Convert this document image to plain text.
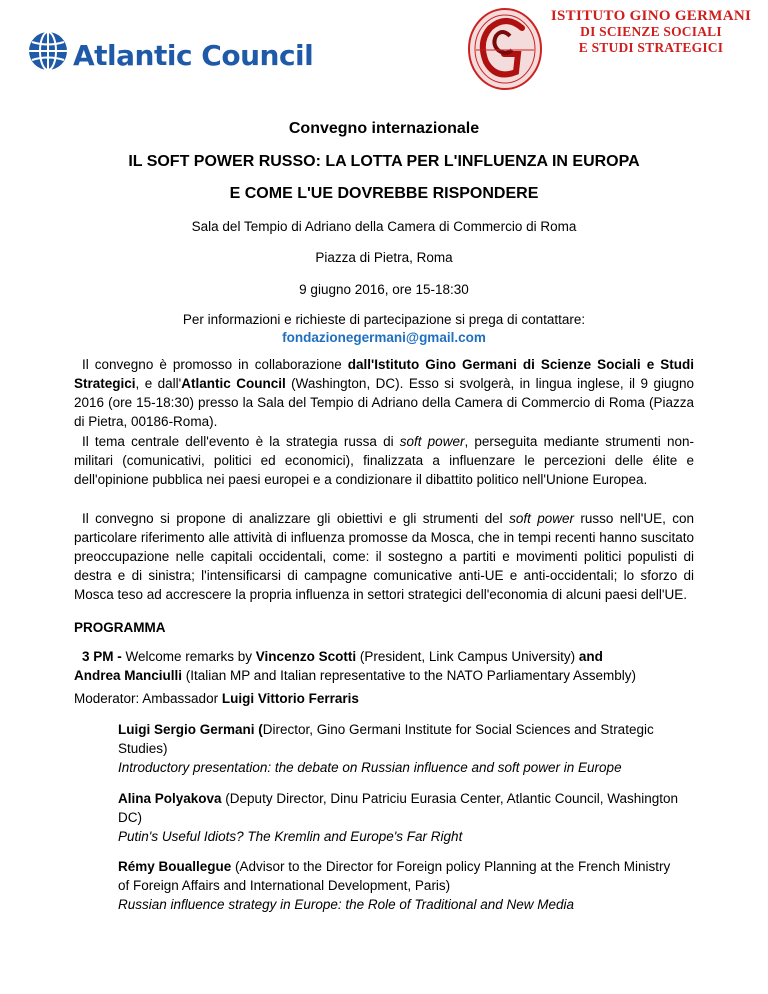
Atlantic Council
ISTITUTO GINO GERMANI
DI SCIENZE SOCIALI
E STUDI STRATEGICI
Convegno internazionale
IL SOFT POWER RUSSO: LA LOTTA PER L'INFLUENZA IN EUROPA
E COME L'UE DOVREBBE RISPONDERE
Sala del Tempio di Adriano della Camera di Commercio di Roma
Piazza di Pietra, Roma
9 giugno 2016, ore 15-18:30
Per informazioni e richieste di partecipazione si prega di contattare:
fondazionegermani@gmail.com
Il convegno è promosso in collaborazione dall'Istituto Gino Germani di Scienze Sociali e Studi Strategici, e dall'Atlantic Council (Washington, DC). Esso si svolgerà, in lingua inglese, il 9 giugno 2016 (ore 15-18:30) presso la Sala del Tempio di Adriano della Camera di Commercio di Roma (Piazza di Pietra, 00186-Roma).
Il tema centrale dell'evento è la strategia russa di soft power, perseguita mediante strumenti non-militari (comunicativi, politici ed economici), finalizzata a influenzare le percezioni delle élite e dell'opinione pubblica nei paesi europei e a condizionare il dibattito politico nell'Unione Europea.
Il convegno si propone di analizzare gli obiettivi e gli strumenti del soft power russo nell'UE, con particolare riferimento alle attività di influenza promosse da Mosca, che in tempi recenti hanno suscitato preoccupazione nelle capitali occidentali, come: il sostegno a partiti e movimenti politici populisti di destra e di sinistra; l'intensificarsi di campagne comunicative anti-UE e anti-occidentali; lo sforzo di Mosca teso ad accrescere la propria influenza in settori strategici dell'economia di alcuni paesi dell'UE.
PROGRAMMA
3 PM - Welcome remarks by Vincenzo Scotti (President, Link Campus University) and
Andrea Manciulli (Italian MP and Italian representative to the NATO Parliamentary Assembly)
Moderator: Ambassador Luigi Vittorio Ferraris
Luigi Sergio Germani (Director, Gino Germani Institute for Social Sciences and Strategic Studies)
Introductory presentation: the debate on Russian influence and soft power in Europe
Alina Polyakova (Deputy Director, Dinu Patriciu Eurasia Center, Atlantic Council, Washington DC)
Putin's Useful Idiots? The Kremlin and Europe's Far Right
Rémy Bouallegue (Advisor to the Director for Foreign policy Planning at the French Ministry of Foreign Affairs and International Development, Paris)
Russian influence strategy in Europe: the Role of Traditional and New Media
